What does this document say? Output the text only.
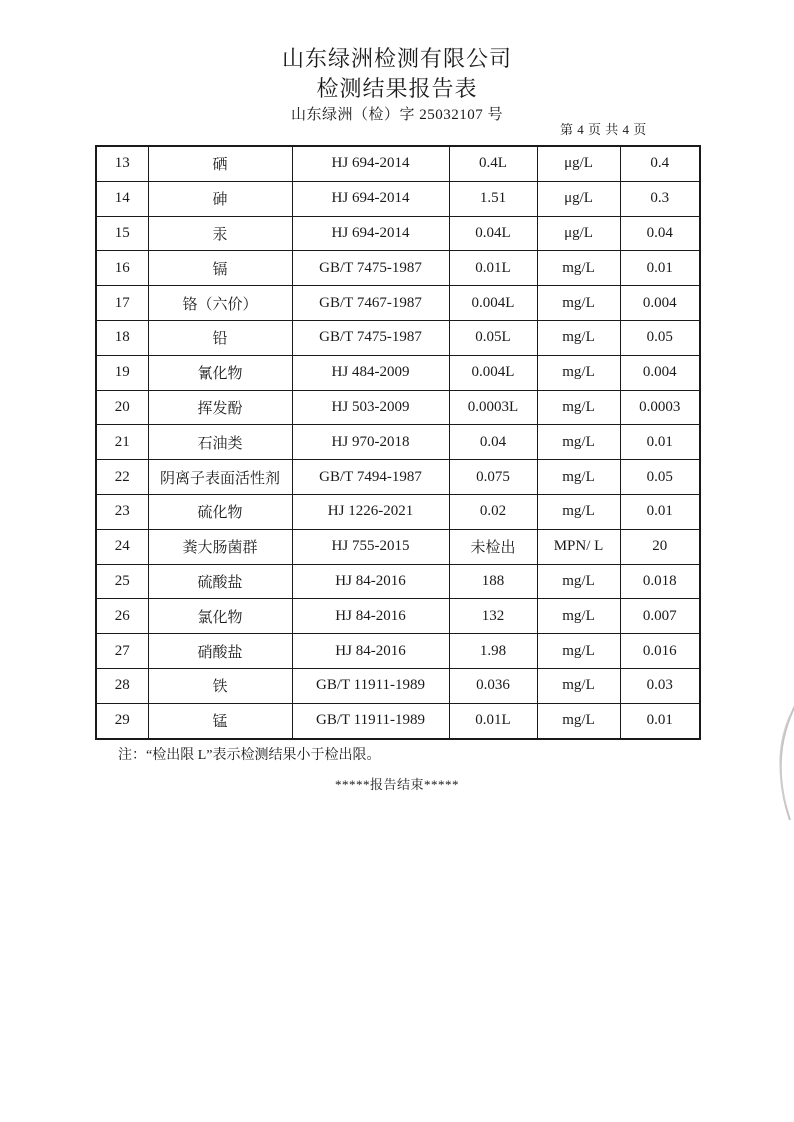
山东绿洲检测有限公司
检测结果报告表
山东绿洲（检）字 25032107 号
第 4 页 共 4 页
13	硒	HJ 694-2014	0.4L	μg/L	0.4
14	砷	HJ 694-2014	1.51	μg/L	0.3
15	汞	HJ 694-2014	0.04L	μg/L	0.04
16	镉	GB/T 7475-1987	0.01L	mg/L	0.01
17	铬（六价）	GB/T 7467-1987	0.004L	mg/L	0.004
18	铅	GB/T 7475-1987	0.05L	mg/L	0.05
19	氰化物	HJ 484-2009	0.004L	mg/L	0.004
20	挥发酚	HJ 503-2009	0.0003L	mg/L	0.0003
21	石油类	HJ 970-2018	0.04	mg/L	0.01
22	阴离子表面活性剂	GB/T 7494-1987	0.075	mg/L	0.05
23	硫化物	HJ 1226-2021	0.02	mg/L	0.01
24	粪大肠菌群	HJ 755-2015	未检出	MPN/ L	20
25	硫酸盐	HJ 84-2016	188	mg/L	0.018
26	氯化物	HJ 84-2016	132	mg/L	0.007
27	硝酸盐	HJ 84-2016	1.98	mg/L	0.016
28	铁	GB/T 11911-1989	0.036	mg/L	0.03
29	锰	GB/T 11911-1989	0.01L	mg/L	0.01
注：“检出限 L”表示检测结果小于检出限。
*****报告结束*****
